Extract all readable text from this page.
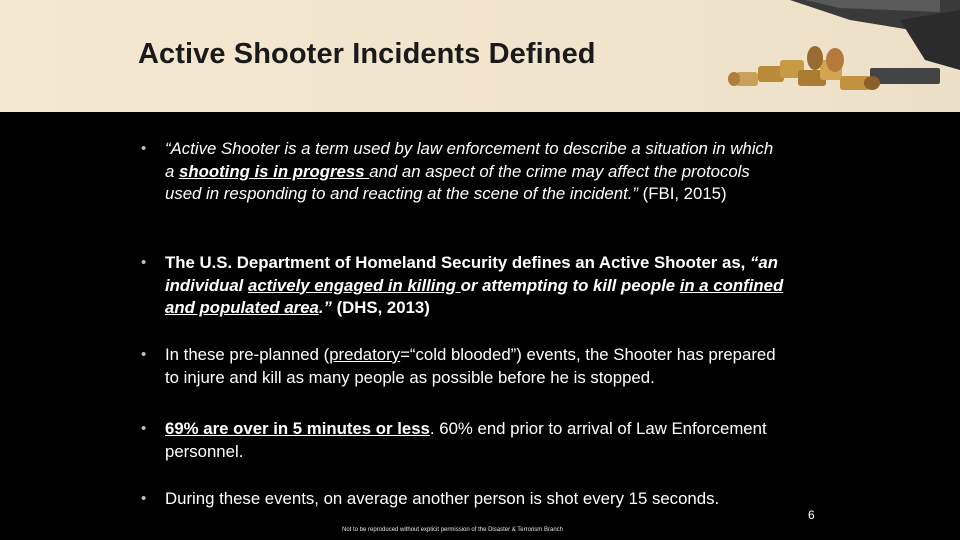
Active Shooter Incidents Defined
• “Active Shooter is a term used by law enforcement to describe a situation in which a shooting is in progress and an aspect of the crime may affect the protocols used in responding to and reacting at the scene of the incident.” (FBI, 2015)
• The U.S. Department of Homeland Security defines an Active Shooter as, “an individual actively engaged in killing or attempting to kill people in a confined and populated area.” (DHS, 2013)
• In these pre-planned (predatory=“cold blooded”) events, the Shooter has prepared to injure and kill as many people as possible before he is stopped.
• 69% are over in 5 minutes or less. 60% end prior to arrival of Law Enforcement personnel.
• During these events, on average another person is shot every 15 seconds.
6
Not to be reproduced without explicit permission of the Disaster & Terrorism Branch
